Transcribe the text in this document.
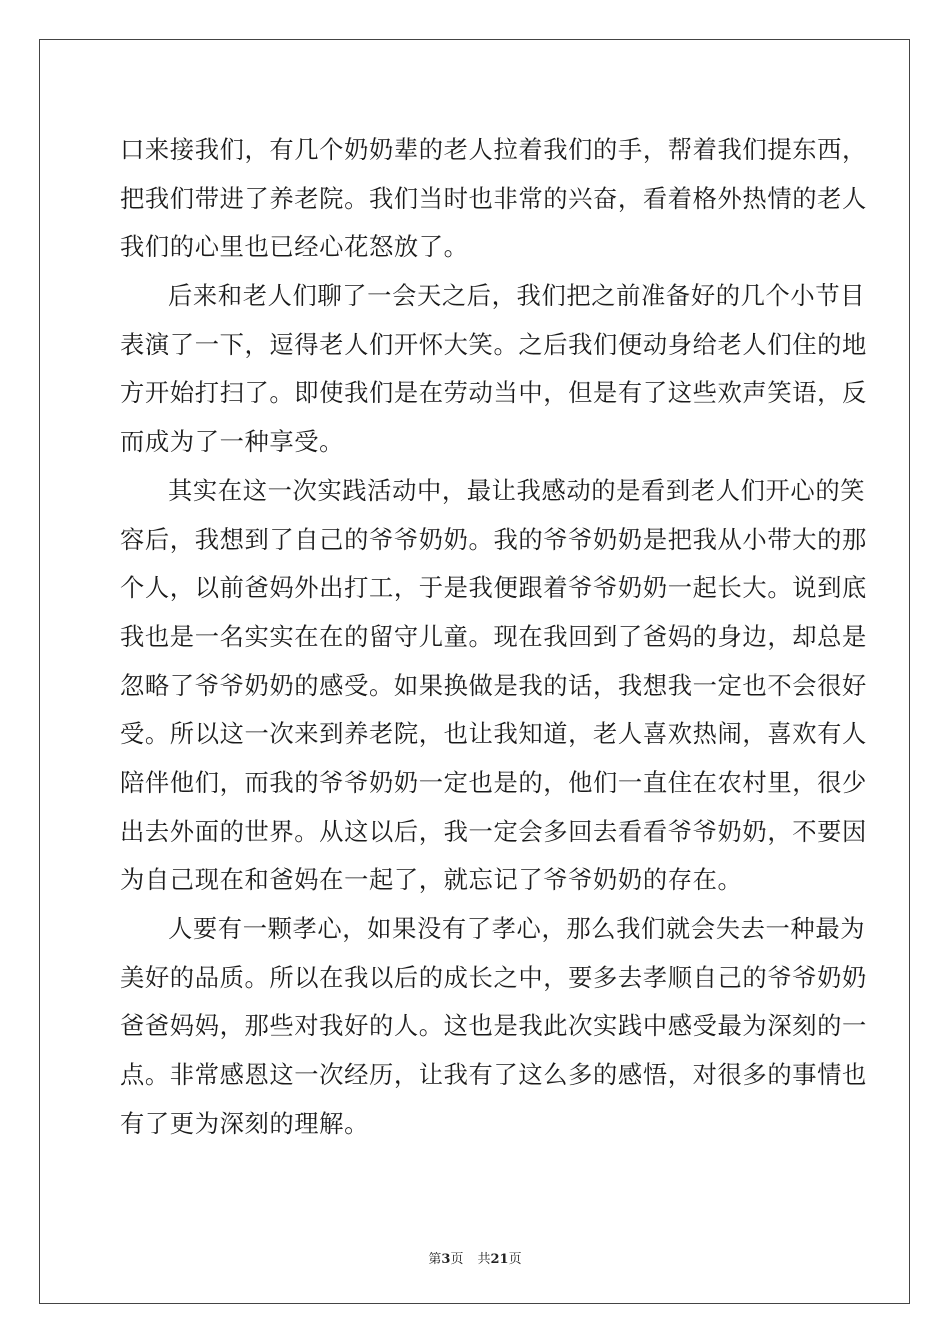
口来接我们，有几个奶奶辈的老人拉着我们的手，帮着我们提东西，
把我们带进了养老院。我们当时也非常的兴奋，看着格外热情的老人
我们的心里也已经心花怒放了。
后来和老人们聊了一会天之后，我们把之前准备好的几个小节目
表演了一下，逗得老人们开怀大笑。之后我们便动身给老人们住的地
方开始打扫了。即使我们是在劳动当中，但是有了这些欢声笑语，反
而成为了一种享受。
其实在这一次实践活动中，最让我感动的是看到老人们开心的笑
容后，我想到了自己的爷爷奶奶。我的爷爷奶奶是把我从小带大的那
个人，以前爸妈外出打工，于是我便跟着爷爷奶奶一起长大。说到底
我也是一名实实在在的留守儿童。现在我回到了爸妈的身边，却总是
忽略了爷爷奶奶的感受。如果换做是我的话，我想我一定也不会很好
受。所以这一次来到养老院，也让我知道，老人喜欢热闹，喜欢有人
陪伴他们，而我的爷爷奶奶一定也是的，他们一直住在农村里，很少
出去外面的世界。从这以后，我一定会多回去看看爷爷奶奶，不要因
为自己现在和爸妈在一起了，就忘记了爷爷奶奶的存在。
人要有一颗孝心，如果没有了孝心，那么我们就会失去一种最为
美好的品质。所以在我以后的成长之中，要多去孝顺自己的爷爷奶奶
爸爸妈妈，那些对我好的人。这也是我此次实践中感受最为深刻的一
点。非常感恩这一次经历，让我有了这么多的感悟，对很多的事情也
有了更为深刻的理解。
第3页 共21页
